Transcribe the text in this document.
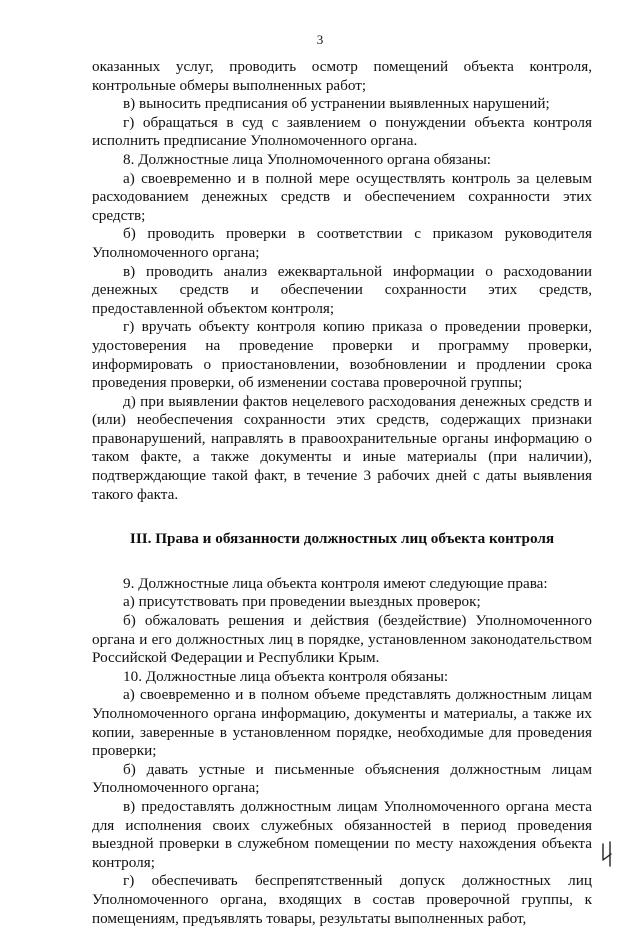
3

оказанных услуг, проводить осмотр помещений объекта контроля, контрольные обмеры выполненных работ;

в) выносить предписания об устранении выявленных нарушений;

г) обращаться в суд с заявлением о понуждении объекта контроля исполнить предписание Уполномоченного органа.

8. Должностные лица Уполномоченного органа обязаны:

а) своевременно и в полной мере осуществлять контроль за целевым расходованием денежных средств и обеспечением сохранности этих средств;

б) проводить проверки в соответствии с приказом руководителя Уполномоченного органа;

в) проводить анализ ежеквартальной информации о расходовании денежных средств и обеспечении сохранности этих средств, предоставленной объектом контроля;

г) вручать объекту контроля копию приказа о проведении проверки, удостоверения на проведение проверки и программу проверки, информировать о приостановлении, возобновлении и продлении срока проведения проверки, об изменении состава проверочной группы;

д) при выявлении фактов нецелевого расходования денежных средств и (или) необеспечения сохранности этих средств, содержащих признаки правонарушений, направлять в правоохранительные органы информацию о таком факте, а также документы и иные материалы (при наличии), подтверждающие такой факт, в течение 3 рабочих дней с даты выявления такого факта.

III. Права и обязанности должностных лиц объекта контроля

9. Должностные лица объекта контроля имеют следующие права:

а) присутствовать при проведении выездных проверок;

б) обжаловать решения и действия (бездействие) Уполномоченного органа и его должностных лиц в порядке, установленном законодательством Российской Федерации и Республики Крым.

10. Должностные лица объекта контроля обязаны:

а) своевременно и в полном объеме представлять должностным лицам Уполномоченного органа информацию, документы и материалы, а также их копии, заверенные в установленном порядке, необходимые для проведения проверки;

б) давать устные и письменные объяснения должностным лицам Уполномоченного органа;

в) предоставлять должностным лицам Уполномоченного органа места для исполнения своих служебных обязанностей в период проведения выездной проверки в служебном помещении по месту нахождения объекта контроля;

г) обеспечивать беспрепятственный допуск должностных лиц Уполномоченного органа, входящих в состав проверочной группы, к помещениям, предъявлять товары, результаты выполненных работ,
